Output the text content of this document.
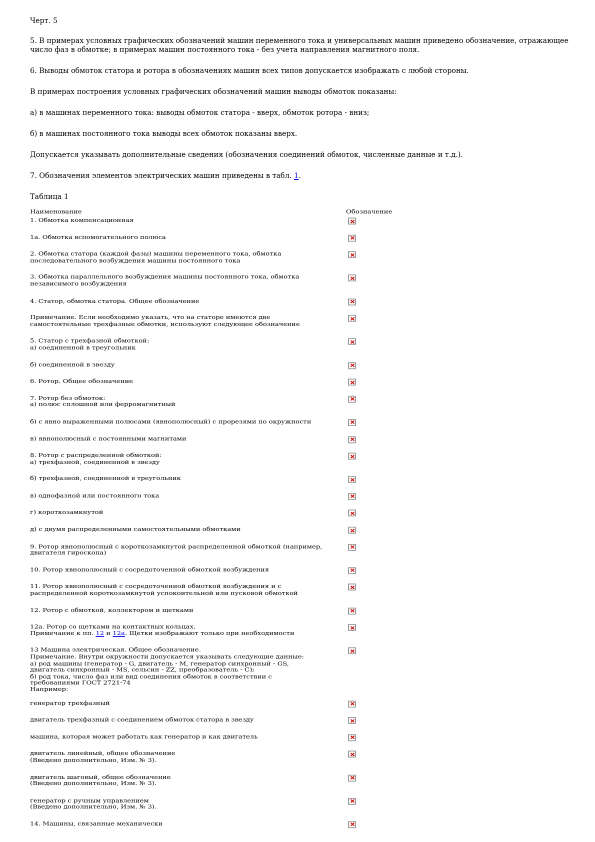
Черт. 5
5. В примерах условных графических обозначений машин переменного тока и универсальных машин приведено обозначение, отражающее число фаз в обмотке; в примерах машин постоянного тока - без учета направления магнитного поля.
6. Выводы обмоток статора и ротора в обозначениях машин всех типов допускается изображать с любой стороны.
В примерах построения условных графических обозначений машин выводы обмоток показаны:
а) в машинах переменного тока: выводы обмоток статора - вверх, обмоток ротора - вниз;
б) в машинах постоянного тока выводы всех обмоток показаны вверх.
Допускается указывать дополнительные сведения (обозначения соединений обмоток, численные данные и т.д.).
7. Обозначения элементов электрических машин приведены в табл. 1.
Таблица 1
Наименование	Обозначение
1. Обмотка компенсационная
1а. Обмотка вспомогательного полюса
2. Обмотка статора (каждой фазы) машины переменного тока, обмотка
последовательного возбуждения машины постоянного тока
3. Обмотка параллельного возбуждения машины постоянного тока, обмотка
независимого возбуждения
4. Статор, обмотка статора. Общее обозначение
Примечание. Если необходимо указать, что на статоре имеются две
самостоятельные трехфазные обмотки, используют следующее обозначение
5. Статор с трехфазной обмоткой:
а) соединенной в треугольник
б) соединенной в звезду
6. Ротор. Общее обозначение
7. Ротор без обмоток:
а) полюс сплошной или ферромагнитный
б) с явно выраженными полюсами (явнополюсный) с прорезями по окружности
в) явнополюсный с постоянными магнитами
8. Ротор с распределенной обмоткой:
а) трехфазной, соединенной в звезду
б) трехфазной, соединенной в треугольник
в) однофазной или постоянного тока
г) короткозамкнутой
д) с двумя распределенными самостоятельными обмотками
9. Ротор явнополюсный с короткозамкнутой распределенной обмоткой (например,
двигателя гироскопа)
10. Ротор явнополюсный с сосредоточенной обмоткой возбуждения
11. Ротор явнополюсный с сосредоточенной обмоткой возбуждения и с
распределенной короткозамкнутой успокоительной или пусковой обмоткой
12. Ротор с обмоткой, коллектором и щетками
12а. Ротор со щетками на контактных кольцах.
Примечание к пп. 12 и 12а. Щетки изображают только при необходимости
13 Машина электрическая. Общее обозначение.
Примечание. Внутри окружности допускается указывать следующие данные:
а) род машины (генератор - G, двигатель - M, генератор синхронный - GS,
двигатель синхронный - MS, сельсин - ZZ, преобразователь - C);
б) род тока, число фаз или вид соединения обмоток в соответствии с
требованиями ГОСТ 2721-74
Например:
генератор трехфазный
двигатель трехфазный с соединением обмоток статора в звезду
машина, которая может работать как генератор и как двигатель
двигатель линейный, общее обозначение
(Введено дополнительно, Изм. № 3).
двигатель шаговый, общее обозначение
(Введено дополнительно, Изм. № 3).
генератор с ручным управлением
(Введено дополнительно, Изм. № 3).
14. Машины, связанные механически
